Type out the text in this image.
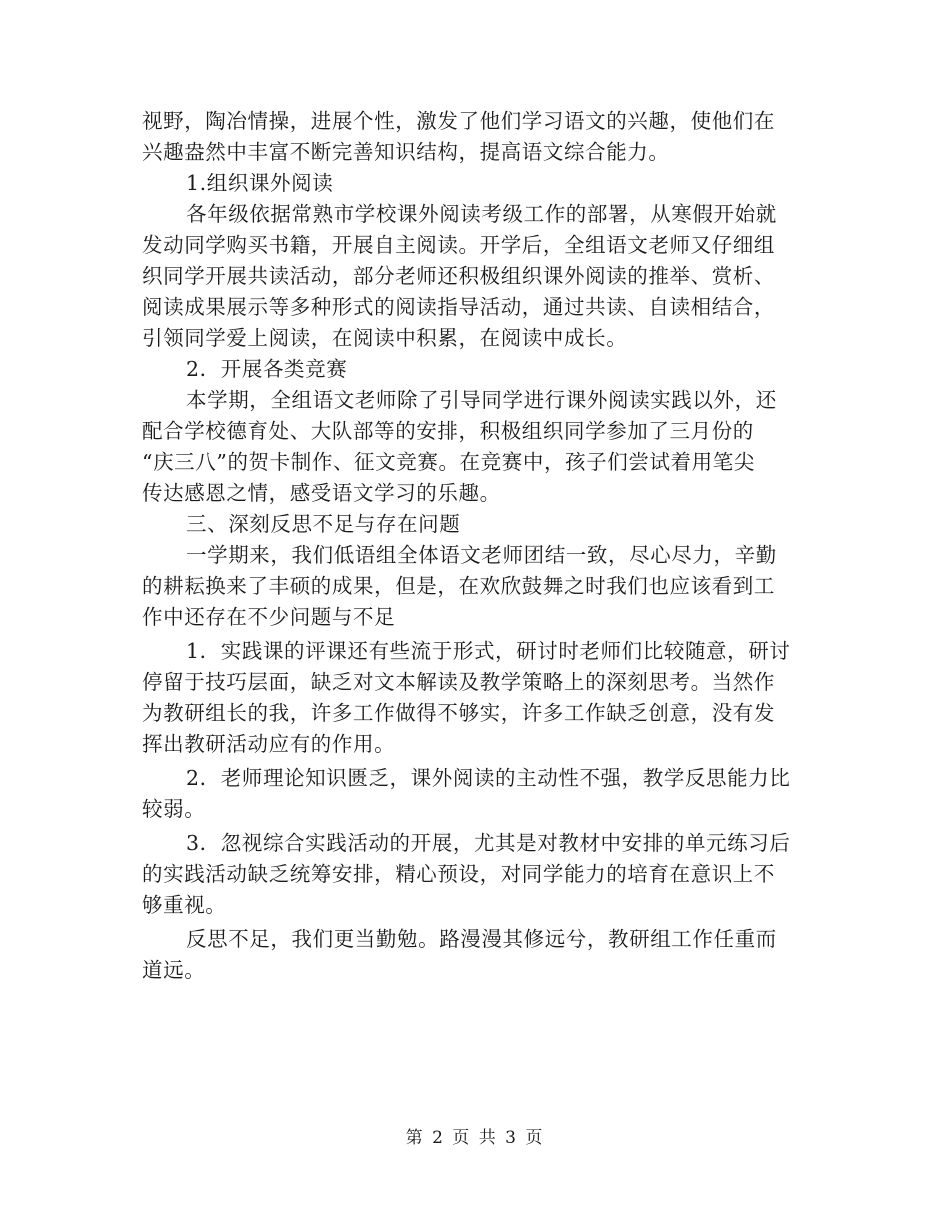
视野，陶冶情操，进展个性，激发了他们学习语文的兴趣，使他们在
兴趣盎然中丰富不断完善知识结构，提高语文综合能力。
1.组织课外阅读
各年级依据常熟市学校课外阅读考级工作的部署，从寒假开始就
发动同学购买书籍，开展自主阅读。开学后，全组语文老师又仔细组
织同学开展共读活动，部分老师还积极组织课外阅读的推举、赏析、
阅读成果展示等多种形式的阅读指导活动，通过共读、自读相结合，
引领同学爱上阅读，在阅读中积累，在阅读中成长。
2．开展各类竞赛
本学期，全组语文老师除了引导同学进行课外阅读实践以外，还
配合学校德育处、大队部等的安排，积极组织同学参加了三月份的
“庆三八”的贺卡制作、征文竞赛。在竞赛中，孩子们尝试着用笔尖
传达感恩之情，感受语文学习的乐趣。
三、深刻反思不足与存在问题
一学期来，我们低语组全体语文老师团结一致，尽心尽力，辛勤
的耕耘换来了丰硕的成果，但是，在欢欣鼓舞之时我们也应该看到工
作中还存在不少问题与不足
1．实践课的评课还有些流于形式，研讨时老师们比较随意，研讨
停留于技巧层面，缺乏对文本解读及教学策略上的深刻思考。当然作
为教研组长的我，许多工作做得不够实，许多工作缺乏创意，没有发
挥出教研活动应有的作用。
2．老师理论知识匮乏，课外阅读的主动性不强，教学反思能力比
较弱。
3．忽视综合实践活动的开展，尤其是对教材中安排的单元练习后
的实践活动缺乏统筹安排，精心预设，对同学能力的培育在意识上不
够重视。
反思不足，我们更当勤勉。路漫漫其修远兮，教研组工作任重而
道远。
第 2 页 共 3 页
